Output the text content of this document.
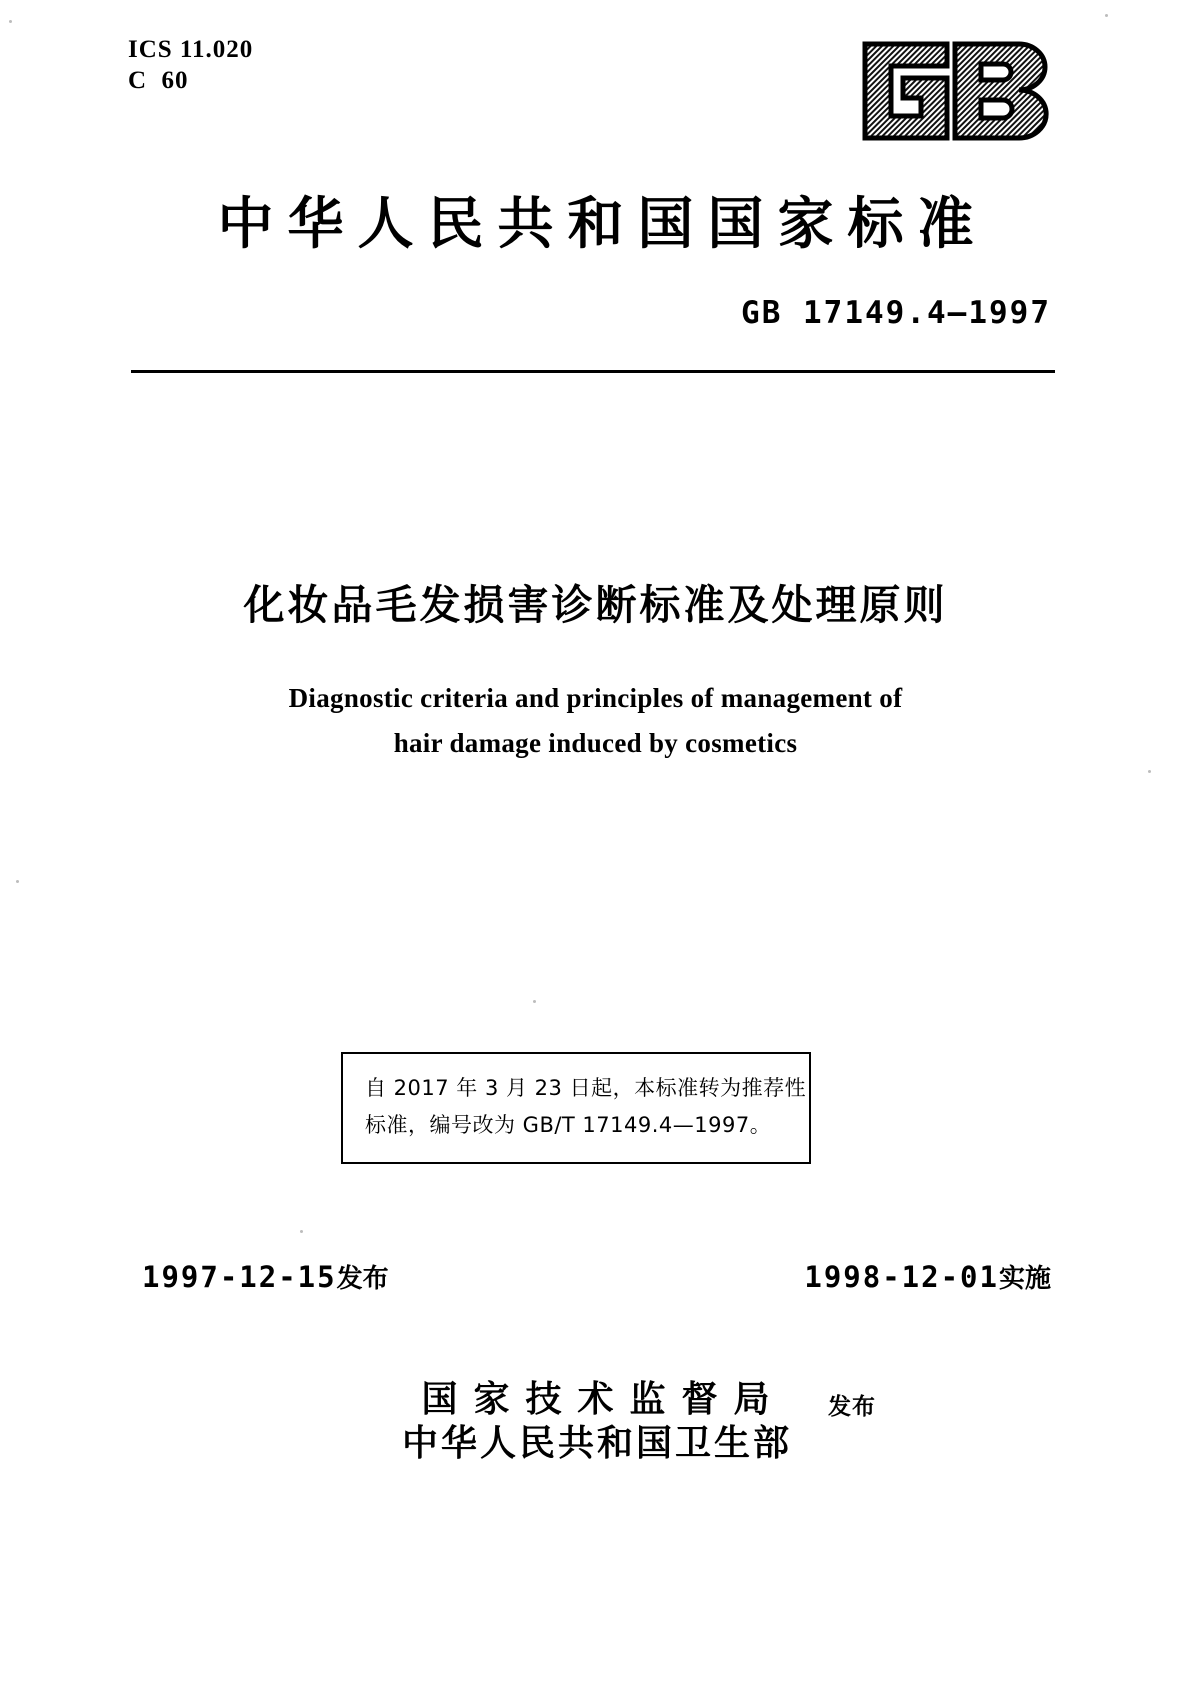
ICS 11.020
C  60
中华人民共和国国家标准
GB 17149.4—1997
化妆品毛发损害诊断标准及处理原则
Diagnostic criteria and principles of management of
hair damage induced by cosmetics
自 2017 年 3 月 23 日起，本标准转为推荐性
标准，编号改为 GB/T 17149.4—1997。
1997-12-15发布	1998-12-01实施
国家技术监督局
中华人民共和国卫生部
发布
